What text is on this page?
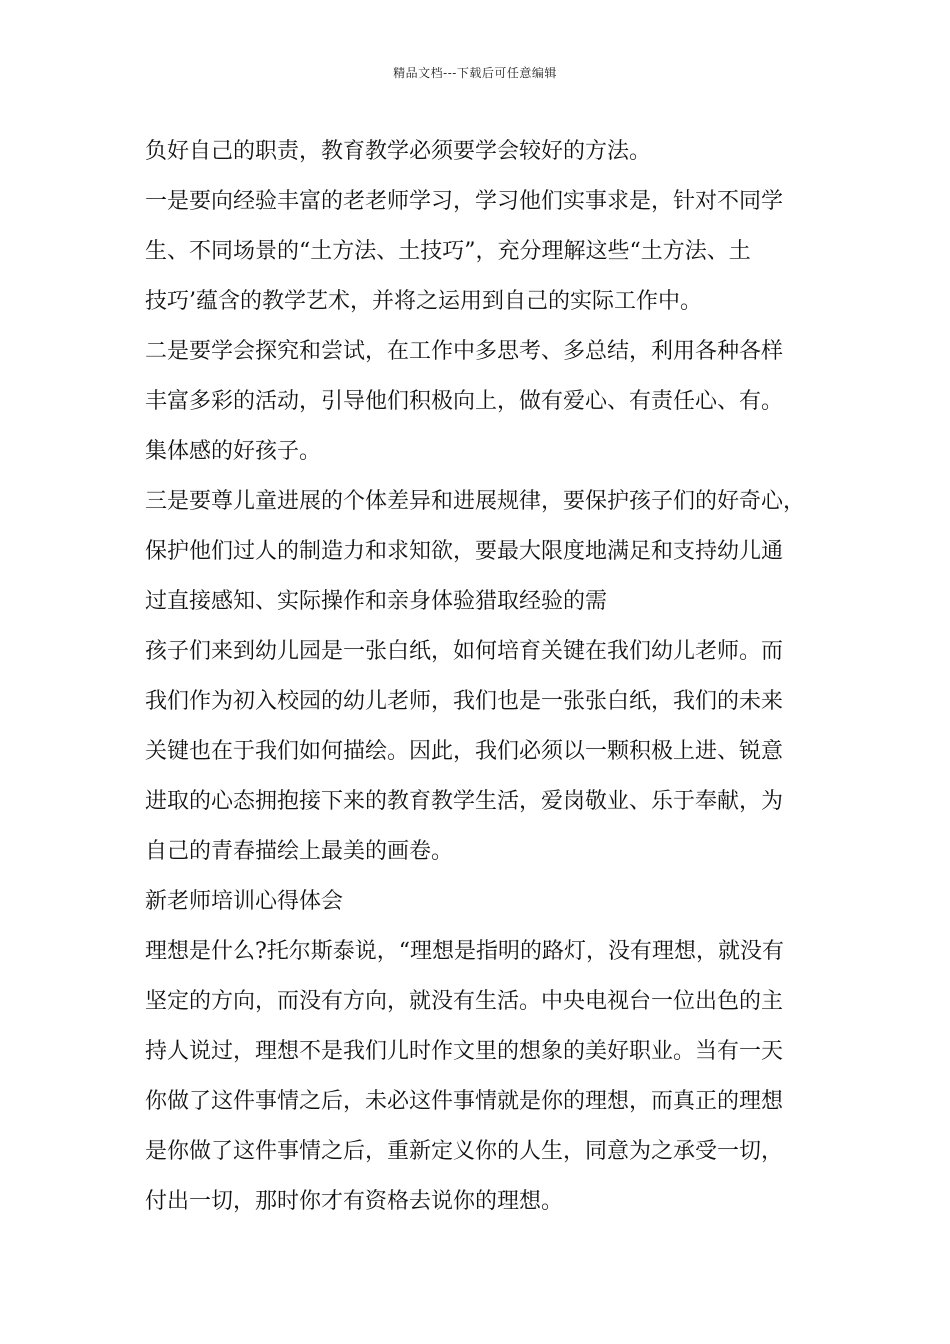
精品文档---下载后可任意编辑
负好自己的职责，教育教学必须要学会较好的方法。
一是要向经验丰富的老老师学习，学习他们实事求是，针对不同学
生、不同场景的“土方法、土技巧”，充分理解这些“土方法、土
技巧’蕴含的教学艺术，并将之运用到自己的实际工作中。
二是要学会探究和尝试，在工作中多思考、多总结，利用各种各样
丰富多彩的活动，引导他们积极向上，做有爱心、有责任心、有。
集体感的好孩子。
三是要尊儿童进展的个体差异和进展规律，要保护孩子们的好奇心，
保护他们过人的制造力和求知欲，要最大限度地满足和支持幼儿通
过直接感知、实际操作和亲身体验猎取经验的需
孩子们来到幼儿园是一张白纸，如何培育关键在我们幼儿老师。而
我们作为初入校园的幼儿老师，我们也是一张张白纸，我们的未来
关键也在于我们如何描绘。因此，我们必须以一颗积极上进、锐意
进取的心态拥抱接下来的教育教学生活，爱岗敬业、乐于奉献，为
自己的青春描绘上最美的画卷。
新老师培训心得体会
理想是什么?托尔斯泰说，“理想是指明的路灯，没有理想，就没有
坚定的方向，而没有方向，就没有生活。中央电视台一位出色的主
持人说过，理想不是我们儿时作文里的想象的美好职业。当有一天
你做了这件事情之后，未必这件事情就是你的理想，而真正的理想
是你做了这件事情之后，重新定义你的人生，同意为之承受一切，
付出一切，那时你才有资格去说你的理想。
